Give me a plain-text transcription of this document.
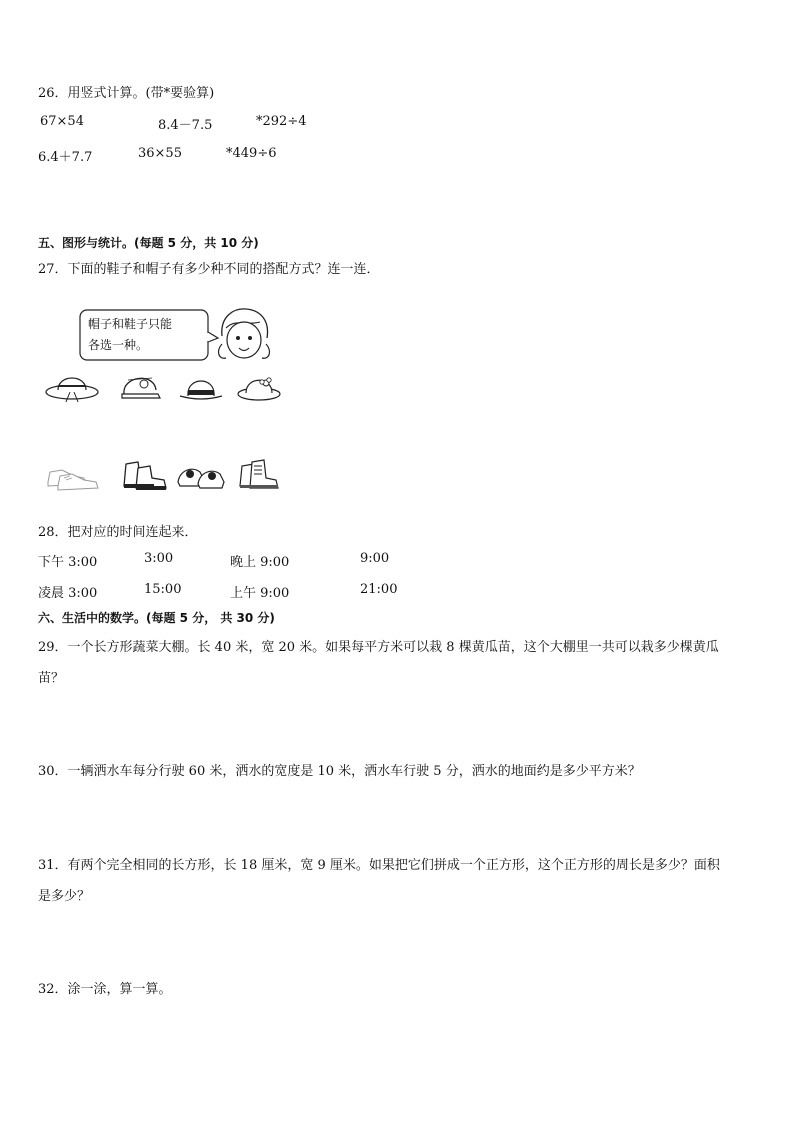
26．用竖式计算。(带*要验算)
67×54	8.4－7.5	*292÷4
6.4＋7.7	36×55	*449÷6
五、图形与统计。(每题 5 分，共 10 分)
27．下面的鞋子和帽子有多少种不同的搭配方式？连一连．
帽子和鞋子只能
各选一种。
28．把对应的时间连起来．
下午 3:00	3:00	晚上 9:00	9:00
凌晨 3:00	15:00	上午 9:00	21:00
六、生活中的数学。(每题 5 分， 共 30 分)
29．一个长方形蔬菜大棚。长 40 米，宽 20 米。如果每平方米可以栽 8 棵黄瓜苗，这个大棚里一共可以栽多少棵黄瓜
苗？
30．一辆洒水车每分行驶 60 米，洒水的宽度是 10 米，洒水车行驶 5 分，洒水的地面约是多少平方米？
31．有两个完全相同的长方形，长 18 厘米，宽 9 厘米。如果把它们拼成一个正方形，这个正方形的周长是多少？面积
是多少？
32．涂一涂，算一算。
